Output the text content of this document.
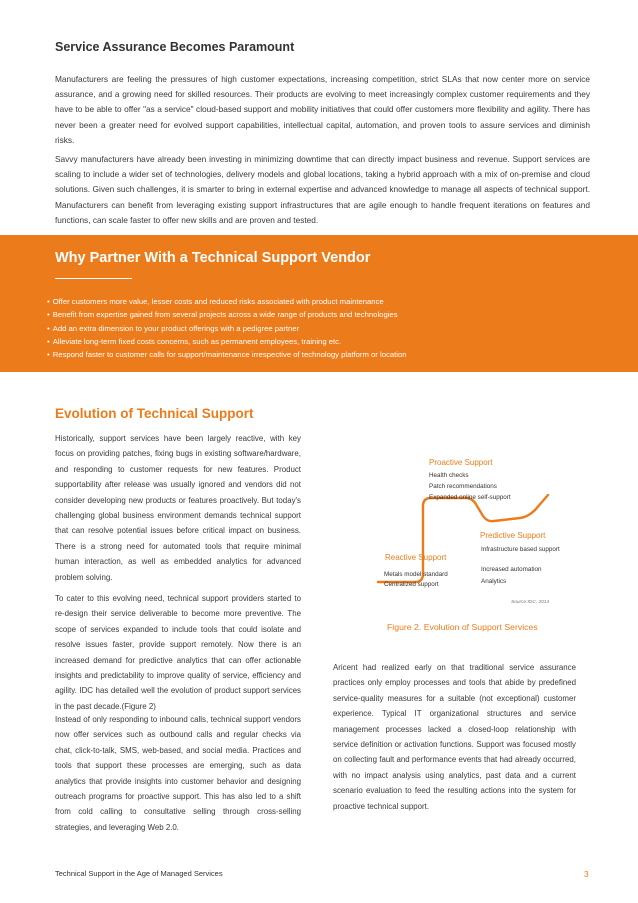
Service Assurance Becomes Paramount

Manufacturers are feeling the pressures of high customer expectations, increasing competition, strict SLAs that now center more on service assurance, and a growing need for skilled resources. Their products are evolving to meet increasingly complex customer requirements and they have to be able to offer "as a service" cloud-based support and mobility initiatives that could offer customers more flexibility and agility. There has never been a greater need for evolved support capabilities, intellectual capital, automation, and proven tools to assure services and diminish risks.

Savvy manufacturers have already been investing in minimizing downtime that can directly impact business and revenue. Support services are scaling to include a wider set of technologies, delivery models and global locations, taking a hybrid approach with a mix of on-premise and cloud solutions. Given such challenges, it is smarter to bring in external expertise and advanced knowledge to manage all aspects of technical support. Manufacturers can benefit from leveraging existing support infrastructures that are agile enough to handle frequent iterations on features and functions, can scale faster to offer new skills and are proven and tested.

Why Partner With a Technical Support Vendor
• Offer customers more value, lesser costs and reduced risks associated with product maintenance
• Benefit from expertise gained from several projects across a wide range of products and technologies
• Add an extra dimension to your product offerings with a pedigree partner
• Alleviate long-term fixed costs concerns, such as permanent employees, training etc.
• Respond faster to customer calls for support/maintenance irrespective of technology platform or location
Evolution of Technical Support

Historically, support services have been largely reactive, with key focus on providing patches, fixing bugs in existing software/hardware, and responding to customer requests for new features. Product supportability after release was usually ignored and vendors did not consider developing new products or features proactively. But today's challenging global business environment demands technical support that can resolve potential issues before critical impact on business. There is a strong need for automated tools that require minimal human interaction, as well as embedded analytics for advanced problem solving.

To cater to this evolving need, technical support providers started to re-design their service deliverable to become more preventive. The scope of services expanded to include tools that could isolate and resolve issues faster, provide support remotely. Now there is an increased demand for predictive analytics that can offer actionable insights and predictability to improve quality of service, efficiency and agility. IDC has detailed well the evolution of product support services in the past decade.(Figure 2)

Instead of only responding to inbound calls, technical support vendors now offer services such as outbound calls and regular checks via chat, click-to-talk, SMS, web-based, and social media. Practices and tools that support these processes are emerging, such as data analytics that provide insights into customer behavior and designing outreach programs for proactive support. This has also led to a shift from cold calling to consultative selling through cross-selling strategies, and leveraging Web 2.0.

Proactive Support
Health checks
Patch recommendations
Expanded online self-support
Predictive Support
Infrastructure based support
Increased automation
Analytics
Reactive Support
Metals model standard
Centralized support
Source:IDC, 2014
Figure 2. Evolution of Support Services

Aricent had realized early on that traditional service assurance practices only employ processes and tools that abide by predefined service-quality measures for a suitable (not exceptional) customer experience. Typical IT organizational structures and service management processes lacked a closed-loop relationship with service definition or activation functions. Support was focused mostly on collecting fault and performance events that had already occurred, with no impact analysis using analytics, past data and a current scenario evaluation to feed the resulting actions into the system for proactive technical support.

Technical Support in the Age of Managed Services	3
